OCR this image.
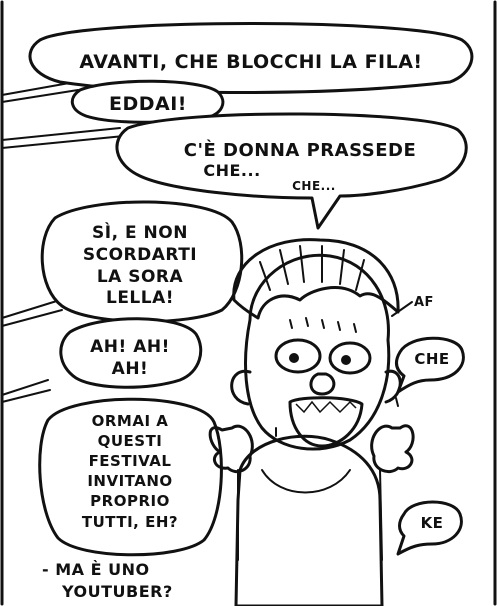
AVANTI, CHE BLOCCHI LA FILA!
EDDAI!
C'È DONNA PRASSEDE
CHE...
CHE...
SÌ, E NON
SCORDARTI
LA SORA
LELLA!
AH! AH!
AH!
ORMAI A
QUESTI
FESTIVAL
INVITANO
PROPRIO
TUTTI, EH?
- MA È UNO
YOUTUBER?
CHE
KE
AF
